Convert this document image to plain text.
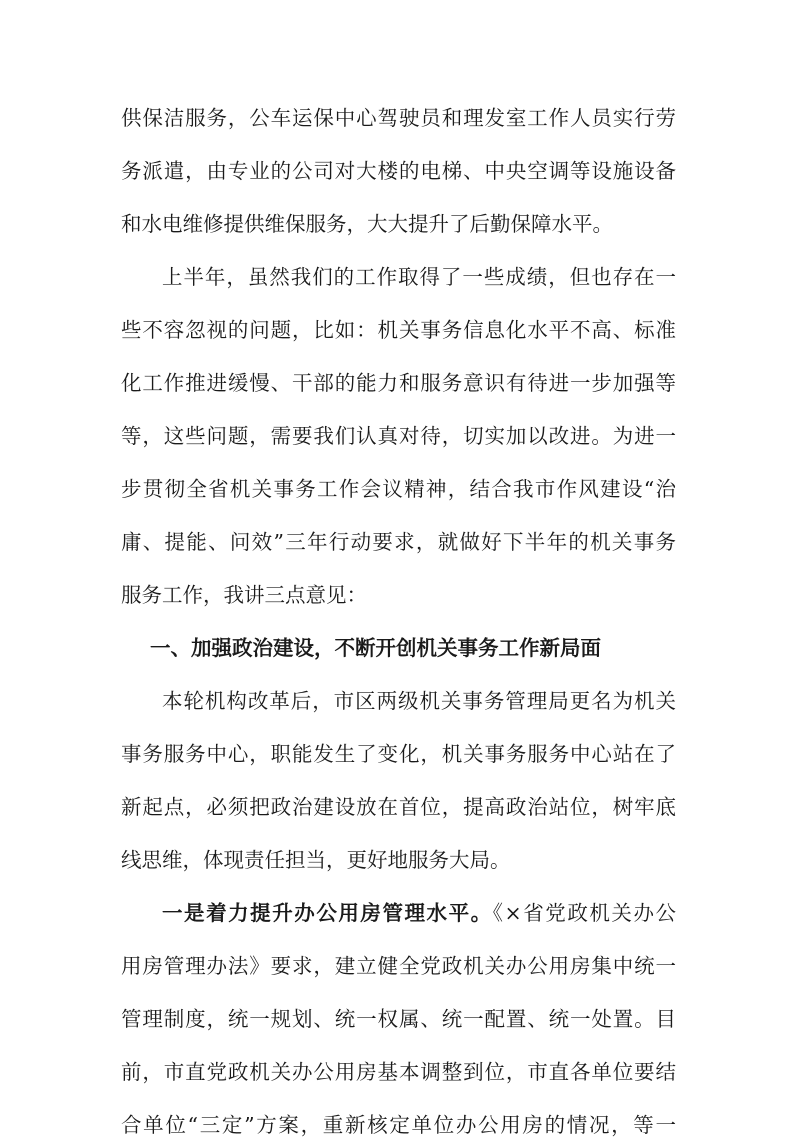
供保洁服务，公车运保中心驾驶员和理发室工作人员实行劳
务派遣，由专业的公司对大楼的电梯、中央空调等设施设备
和水电维修提供维保服务，大大提升了后勤保障水平。
上半年，虽然我们的工作取得了一些成绩，但也存在一
些不容忽视的问题，比如：机关事务信息化水平不高、标准
化工作推进缓慢、干部的能力和服务意识有待进一步加强等
等，这些问题，需要我们认真对待，切实加以改进。为进一
步贯彻全省机关事务工作会议精神，结合我市作风建设“治
庸、提能、问效”三年行动要求，就做好下半年的机关事务
服务工作，我讲三点意见：
一、加强政治建设，不断开创机关事务工作新局面
本轮机构改革后，市区两级机关事务管理局更名为机关
事务服务中心，职能发生了变化，机关事务服务中心站在了
新起点，必须把政治建设放在首位，提高政治站位，树牢底
线思维，体现责任担当，更好地服务大局。
一是着力提升办公用房管理水平。《×省党政机关办公
用房管理办法》要求，建立健全党政机关办公用房集中统一
管理制度，统一规划、统一权属、统一配置、统一处置。目
前，市直党政机关办公用房基本调整到位，市直各单位要结
合单位“三定”方案，重新核定单位办公用房的情况，等一
